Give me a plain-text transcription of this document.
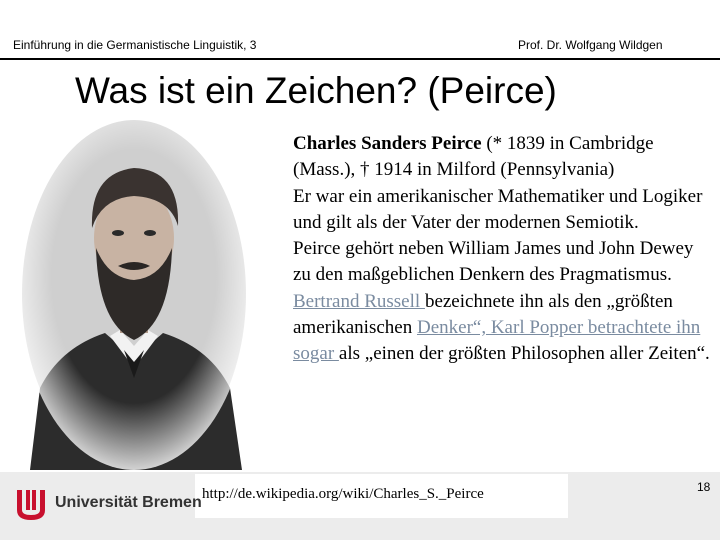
Einführung in die Germanistische Linguistik, 3	Prof. Dr. Wolfgang Wildgen
Was ist ein Zeichen? (Peirce)

Charles Sanders Peirce (* 1839 in Cambridge (Mass.), † 1914 in Milford (Pennsylvania)

Er war ein amerikanischer Mathematiker und Logiker und gilt als der Vater der modernen Semiotik.

Peirce gehört neben William James und John Dewey zu den maßgeblichen Denkern des Pragmatismus.

Bertrand Russell bezeichnete ihn als den „größten amerikanischen Denker“, Karl Popper betrachtete ihn sogar als „einen der größten Philosophen aller Zeiten“.

http://de.wikipedia.org/wiki/Charles_S._Peirce
Universität Bremen
18
